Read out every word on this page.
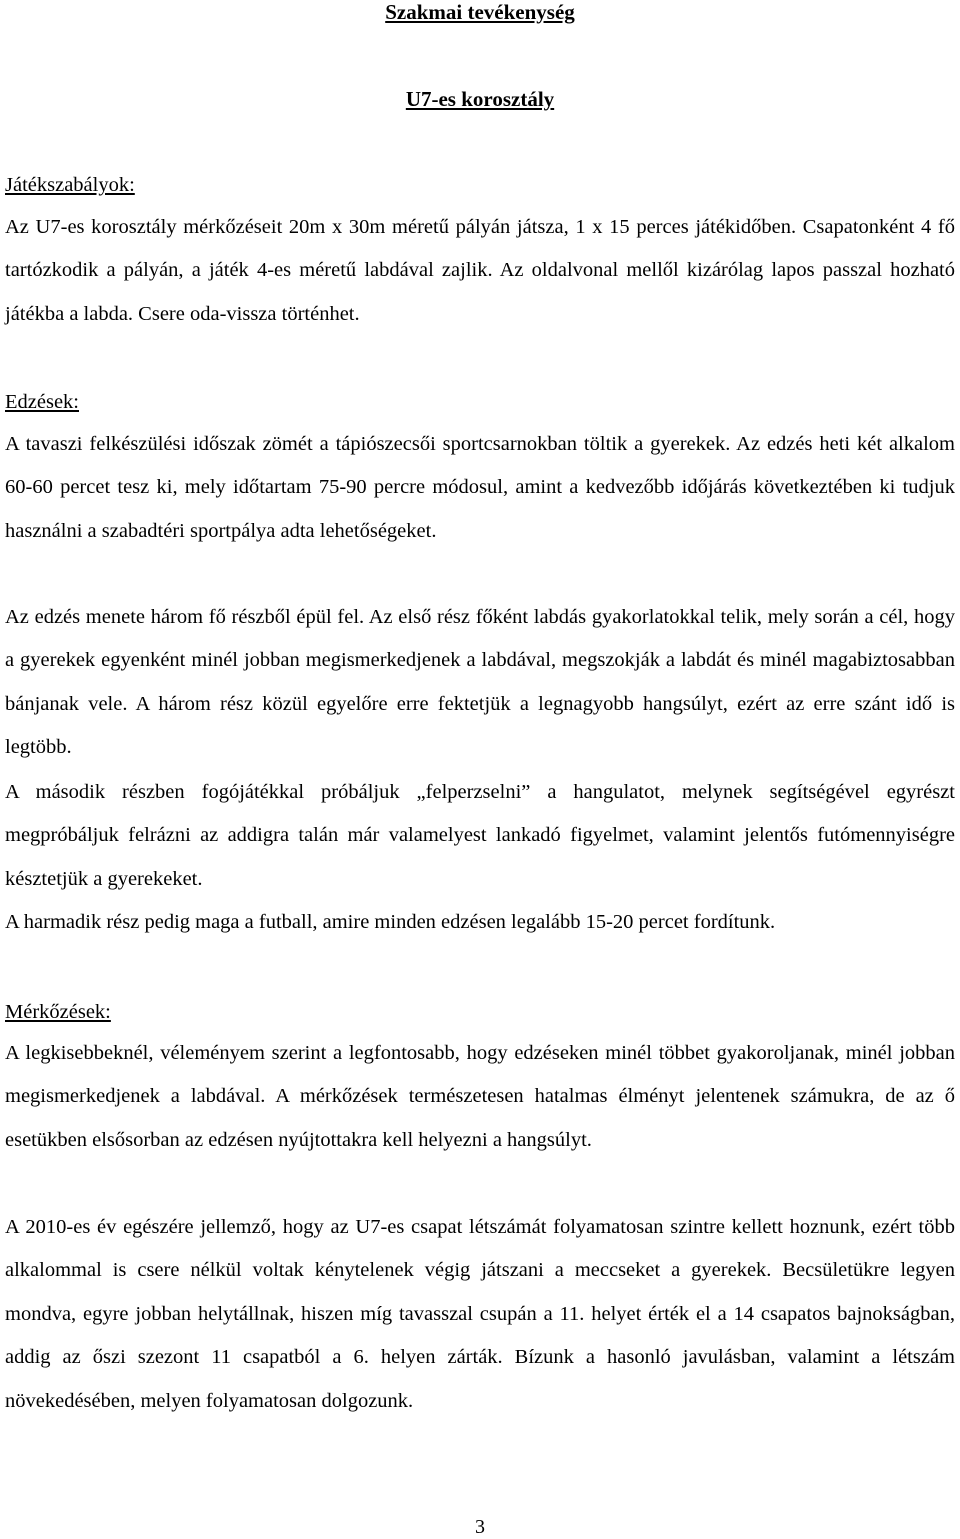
Szakmai tevékenység

U7-es korosztály

Játékszabályok:

Az U7-es korosztály mérkőzéseit 20m x 30m méretű pályán játsza, 1 x 15 perces játékidőben. Csapatonként 4 fő tartózkodik a pályán, a játék 4-es méretű labdával zajlik. Az oldalvonal mellől kizárólag lapos passzal hozható játékba a labda. Csere oda-vissza történhet.

Edzések:

A tavaszi felkészülési időszak zömét a tápiószecsői sportcsarnokban töltik a gyerekek. Az edzés heti két alkalom 60-60 percet tesz ki, mely időtartam 75-90 percre módosul, amint a kedvezőbb időjárás következtében ki tudjuk használni a szabadtéri sportpálya adta lehetőségeket.

Az edzés menete három fő részből épül fel. Az első rész főként labdás gyakorlatokkal telik, mely során a cél, hogy a gyerekek egyenként minél jobban megismerkedjenek a labdával, megszokják a labdát és minél magabiztosabban bánjanak vele. A három rész közül egyelőre erre fektetjük a legnagyobb hangsúlyt, ezért az erre szánt idő is legtöbb.

A második részben fogójátékkal próbáljuk „felperzselni” a hangulatot, melynek segítségével egyrészt megpróbáljuk felrázni az addigra talán már valamelyest lankadó figyelmet, valamint jelentős futómennyiségre késztetjük a gyerekeket.

A harmadik rész pedig maga a futball, amire minden edzésen legalább 15-20 percet fordítunk.

Mérkőzések:

A legkisebbeknél, véleményem szerint a legfontosabb, hogy edzéseken minél többet gyakoroljanak, minél jobban megismerkedjenek a labdával. A mérkőzések természetesen hatalmas élményt jelentenek számukra, de az ő esetükben elsősorban az edzésen nyújtottakra kell helyezni a hangsúlyt.

A 2010-es év egészére jellemző, hogy az U7-es csapat létszámát folyamatosan szintre kellett hoznunk, ezért több alkalommal is csere nélkül voltak kénytelenek végig játszani a meccseket a gyerekek. Becsületükre legyen mondva, egyre jobban helytállnak, hiszen míg tavasszal csupán a 11. helyet érték el a 14 csapatos bajnokságban, addig az őszi szezont 11 csapatból a 6. helyen zárták. Bízunk a hasonló javulásban, valamint a létszám növekedésében, melyen folyamatosan dolgozunk.

3
